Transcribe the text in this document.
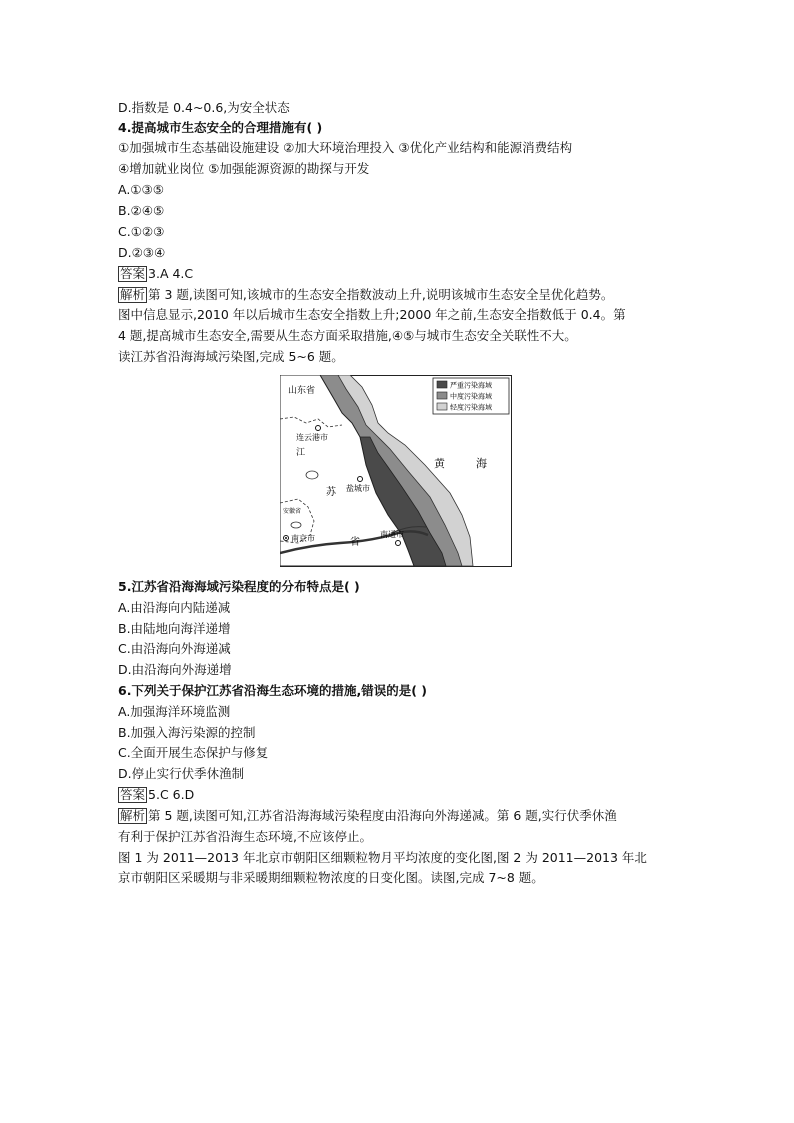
D.指数是 0.4~0.6,为安全状态
4.提高城市生态安全的合理措施有( )
①加强城市生态基础设施建设 ②加大环境治理投入 ③优化产业结构和能源消费结构
④增加就业岗位 ⑤加强能源资源的勘探与开发
A.①③⑤
B.②④⑤
C.①②③
D.②③④
答案 3.A 4.C
解析 第 3 题,读图可知,该城市的生态安全指数波动上升,说明该城市生态安全呈优化趋势。
图中信息显示,2010 年以后城市生态安全指数上升;2000 年之前,生态安全指数低于 0.4。第
4 题,提高城市生态安全,需要从生态方面采取措施,④⑤与城市生态安全关联性不大。
读江苏省沿海海域污染图,完成 5~6 题。
严重污染海域
中度污染海域
轻度污染海域
山东省
连云港市
江
苏
省
盐城市
南通市
南京市
安徽省
黄	海
5.江苏省沿海海域污染程度的分布特点是( )
A.由沿海向内陆递减
B.由陆地向海洋递增
C.由沿海向外海递减
D.由沿海向外海递增
6.下列关于保护江苏省沿海生态环境的措施,错误的是( )
A.加强海洋环境监测
B.加强入海污染源的控制
C.全面开展生态保护与修复
D.停止实行伏季休渔制
答案 5.C 6.D
解析 第 5 题,读图可知,江苏省沿海海域污染程度由沿海向外海递减。第 6 题,实行伏季休渔
有利于保护江苏省沿海生态环境,不应该停止。
图 1 为 2011—2013 年北京市朝阳区细颗粒物月平均浓度的变化图,图 2 为 2011—2013 年北
京市朝阳区采暖期与非采暖期细颗粒物浓度的日变化图。读图,完成 7~8 题。
